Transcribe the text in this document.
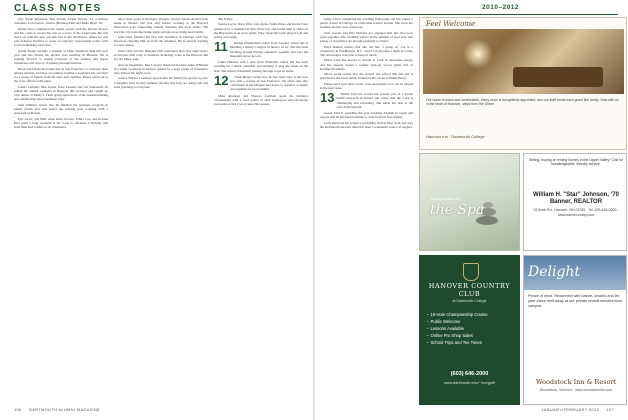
CLASS NOTES	2010–2012

pity, Sarah Reynolds, Ben Ferrell, Jackie Strauss ’11, Courtney Valentine, Lola Genco, Jessica (Hermes) Hart and Mika Heyn ’10.

Dylan Kaye completed his rookie season with the Detroit Project and has come to accept his role as a voice of the Lions fans. He will move on with his new job this fall to the Northwest, where he will join Scholars Pacifica to work on regional conservation policy with forward-thinking advocates.

Adam Woehr became a resident at Ellen Skidmore Hall this past year and has started his second year teaching in Phoenix. He is looking forward to seeing everyone at the reunion and hopes classmates will stop by if passing through Arizona.

Brian and Deana Kowalski met in San Francisco to celebrate their annual reunion, and they are putting together a weekend trip out West for a group of friends from the class next summer. Please reach out to the class officers with ideas.

Laurie Lemaire, Ben Gruen, Kate Lessard and Liz Saltonstall all joined the alumni weekend in Hanover this October and caught up over dinner at Molly’s. Their group spent most of the weekend hiking and reminiscing about freshman trips.

Sam Whitney writes that he finished his graduate program in public health and will spend the coming year working with a nonprofit in Boston.

Eric Jacob, Nia Hall, Anna Ruiz Alvarez, Emily Carr and Kristen Piro spent a long weekend at the coast to celebrate a birthday and send their best wishes to all classmates.

After three years in Portland, Oregon, Jocelyn Moses moved back home to Boston last year and started working at the Harvard Innovation Lab, supporting student founders and local teams. She says the city feels like home again and she loves being near family.

Josh Ortiz finished his first half marathon in Chicago with Tay Donovan cheering him on from the sidelines. He is already training for next spring.

Julia Chen and her husband Will celebrated their first anniversary in October with a trip to Vermont, including a stop at the Hanover Inn for old times’ sake.

Also in September, Ben Lovejoy married Charlotte Anne Whitman in a small ceremony in Denver, joined by a large group of classmates who danced the night away.

Jessica Watson Trombley reports that her family has grown by one: a daughter born in early summer. Mother and baby are doing well and send greetings to everyone.

this Friday.

Serena Lucas, Drew Kim, Luis Ayala, Sasha Pines and Kevin Fong gathered for a weekend in New York City and found time to cheer on the Big Green at an away game. They report the team played well and spirits were high.

11	Rachel Zimmerman writes from London, where she is finishing a master’s degree in history of art. She has been traveling around Europe whenever possible and says the museums never get old.

Jamie Dulaney sent a note from Nashville, where she has been working for a music publisher and learning to play the banjo on the side. She invites classmates passing through to get in touch.

12	Noah Berger writes that he has been busy at his new job with a startup in San Francisco. He often runs into classmates in the Mission and hopes to organize a regular get-together for local alumni.

Mike Abergast and Theresa Lambert spent the holidays volunteering with a food pantry in their hometown and encourage everyone to find a local cause this season.

Jenny Chow completed her teaching fellowship and has joined a public school in Chicago as a full-time science teacher. She loves her students and her new classroom.

Tom Garrett and Ella Mendez got engaged this fall after four years together. The wedding will be in the summer of next year, and plenty of classmates are already planning to attend.

Priya Raman reports that she ran into a group of ’11s at a conference in Washington, D.C., and it felt just like a night in Collis. She encourages everyone to keep in touch.

Marco Lind has moved to Seattle to work in renewable energy and has already found a weekly pick-up soccer game full of Dartmouth alumni.

Olivia Grant writes that she started law school this fall and is grateful for the study habits formed in the stacks of Baker-Berry.

Please send your news to the class secretaries so it can be shared in the next issue.

13	Emma Tran has started her second year at a global health nonprofit in Kenya and writes that the work is challenging and rewarding. She sends her best to the class from Nairobi.

Aaron Feld is spending the year teaching English in Japan and reports that he has been learning to cook from his host family.

Leah Morrison has joined a consulting firm in New York and says the Dartmouth network there has been a wonderful source of support.

Feel Welcome
Our home is warm and comfortable, every room is thoughtfully appointed, and our staff treats each guest like family. Stay with us in the heart of Hanover, steps from the Green.
Hanover Inn · Dartmouth College
Treat yourself at
the Spa
Selling, buying or renting homes in the Upper Valley? Call for knowledgeable, friendly service.
William H. "Star" Johnson, ’70
Banner, REALTOR
15 Buck Rd., Hanover, NH 03755 · Tel. 603-643-0000 · www.banner-realty.com
HANOVER COUNTRY CLUB
at Dartmouth College
• 18-Hole Championship Course
• Public Welcome
• Lessons Available
• Online Pro Shop Sales
• School Trips and Tee Times
(603) 646-2000
www.dartmouth.edu/~hcc/golf/
Delight
Peace of mind. Reconnect with nature, unwind and let your cares melt away at our private retreat minutes from campus.
Woodstock Inn & Resort
Woodstock, Vermont · www.woodstockinn.com
106 DARTMOUTH ALUMNI MAGAZINE	JANUARY/FEBRUARY 2013 107
